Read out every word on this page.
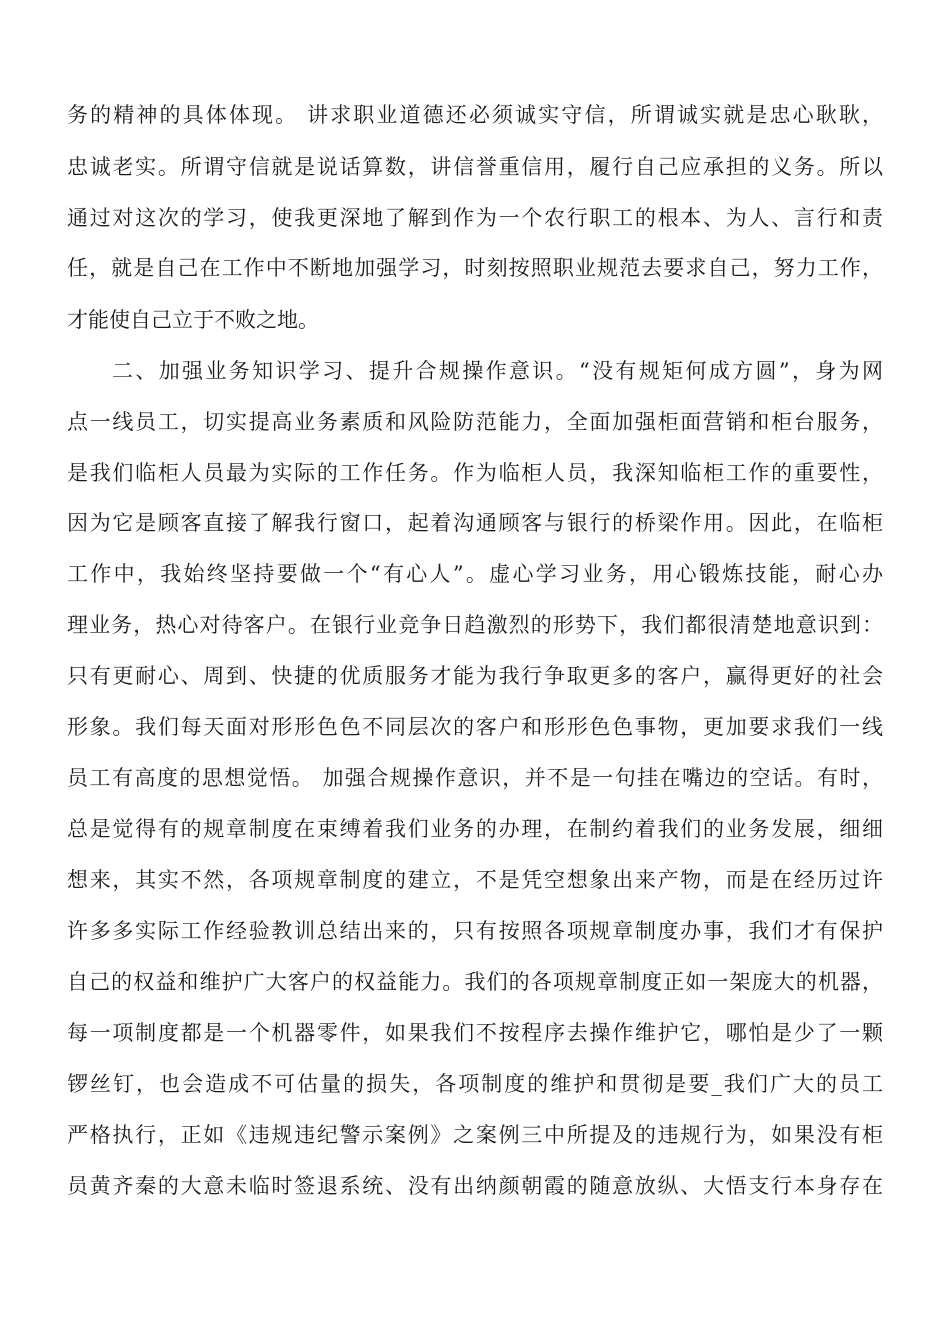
务的精神的具体体现。 讲求职业道德还必须诚实守信，所谓诚实就是忠心耿耿，
忠诚老实。所谓守信就是说话算数，讲信誉重信用，履行自己应承担的义务。所以
通过对这次的学习，使我更深地了解到作为一个农行职工的根本、为人、言行和责
任，就是自己在工作中不断地加强学习，时刻按照职业规范去要求自己，努力工作，
才能使自己立于不败之地。
二、加强业务知识学习、提升合规操作意识。“没有规矩何成方圆”，身为网
点一线员工，切实提高业务素质和风险防范能力，全面加强柜面营销和柜台服务，
是我们临柜人员最为实际的工作任务。作为临柜人员，我深知临柜工作的重要性，
因为它是顾客直接了解我行窗口，起着沟通顾客与银行的桥梁作用。因此，在临柜
工作中，我始终坚持要做一个“有心人”。虚心学习业务，用心锻炼技能，耐心办
理业务，热心对待客户。在银行业竞争日趋激烈的形势下，我们都很清楚地意识到：
只有更耐心、周到、快捷的优质服务才能为我行争取更多的客户，赢得更好的社会
形象。我们每天面对形形色色不同层次的客户和形形色色事物，更加要求我们一线
员工有高度的思想觉悟。 加强合规操作意识，并不是一句挂在嘴边的空话。有时，
总是觉得有的规章制度在束缚着我们业务的办理，在制约着我们的业务发展，细细
想来，其实不然，各项规章制度的建立，不是凭空想象出来产物，而是在经历过许
许多多实际工作经验教训总结出来的，只有按照各项规章制度办事，我们才有保护
自己的权益和维护广大客户的权益能力。我们的各项规章制度正如一架庞大的机器，
每一项制度都是一个机器零件，如果我们不按程序去操作维护它，哪怕是少了一颗
锣丝钉，也会造成不可估量的损失，各项制度的维护和贯彻是要_我们广大的员工
严格执行，正如《违规违纪警示案例》之案例三中所提及的违规行为，如果没有柜
员黄齐秦的大意未临时签退系统、没有出纳颜朝霞的随意放纵、大悟支行本身存在
